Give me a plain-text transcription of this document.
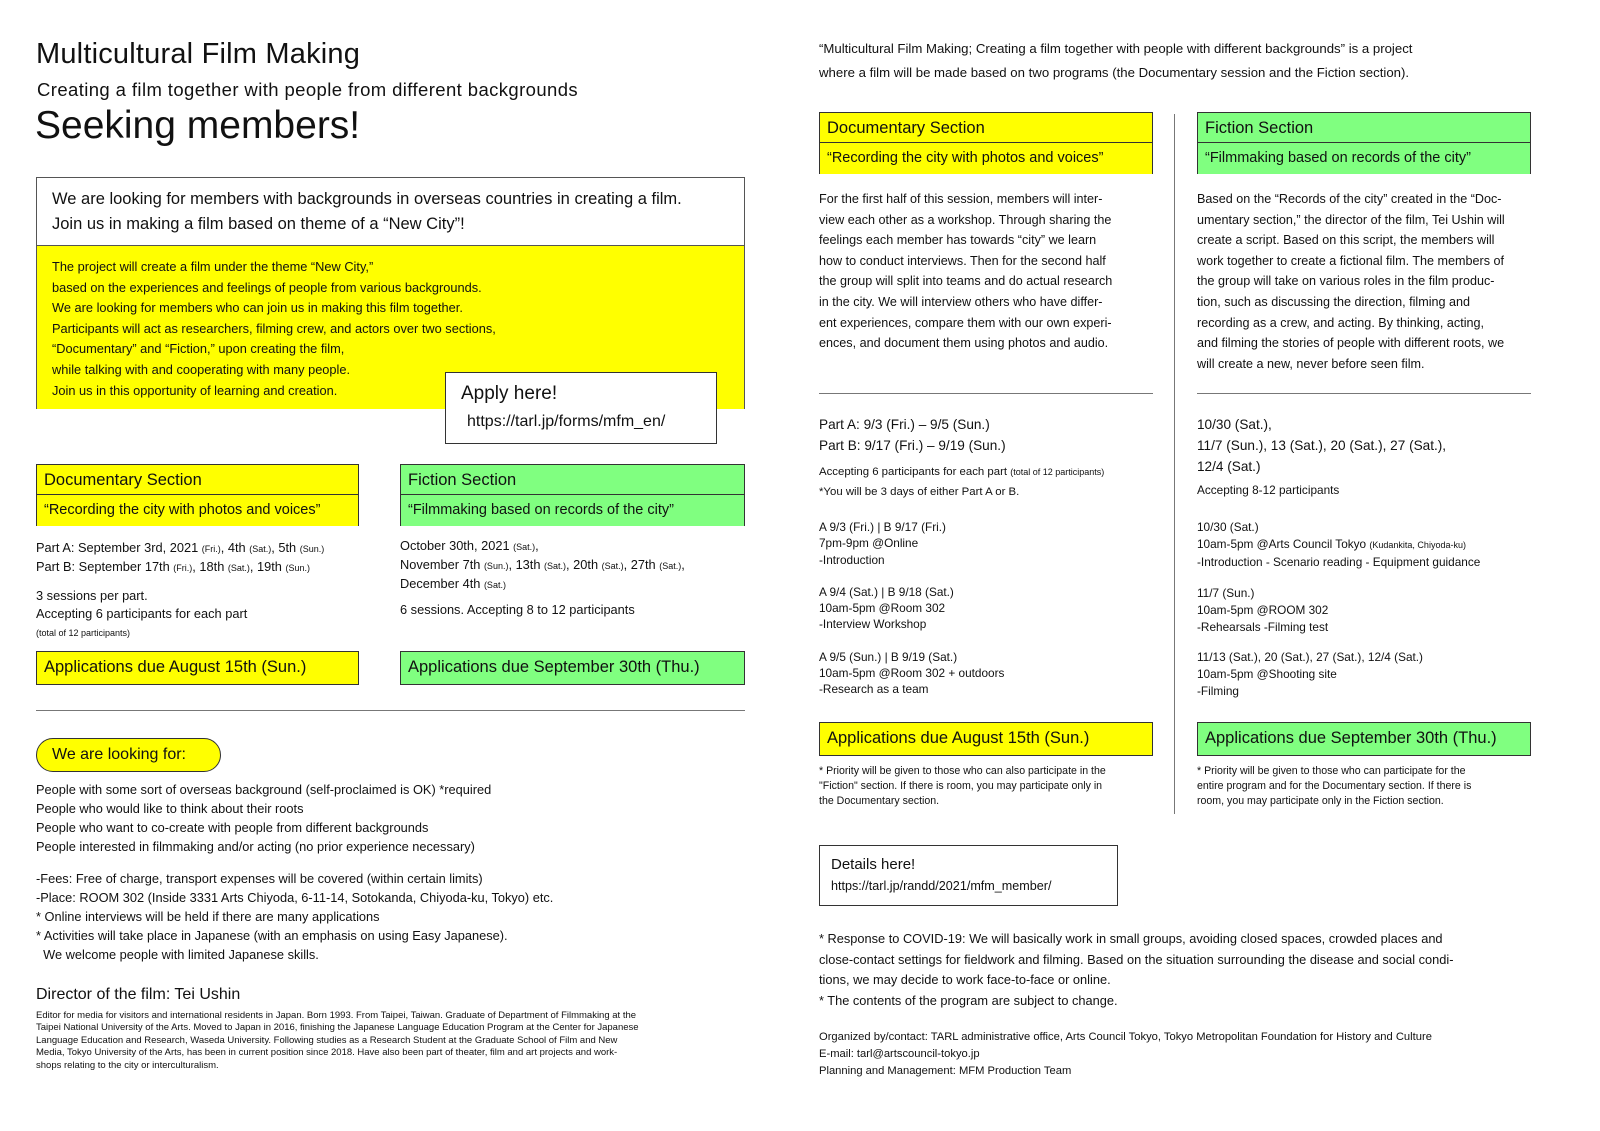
Multicultural Film Making
Creating a film together with people from different backgrounds
Seeking members!
We are looking for members with backgrounds in overseas countries in creating a film.
Join us in making a film based on theme of a “New City”!
The project will create a film under the theme “New City,”
based on the experiences and feelings of people from various backgrounds.
We are looking for members who can join us in making this film together.
Participants will act as researchers, filming crew, and actors over two sections,
“Documentary” and “Fiction,” upon creating the film,
while talking with and cooperating with many people.
Join us in this opportunity of learning and creation.	Apply here!
https://tarl.jp/forms/mfm_en/
Documentary Section
“Recording the city with photos and voices”
Fiction Section
“Filmmaking based on records of the city”
Part A: September 3rd, 2021 (Fri.), 4th (Sat.), 5th (Sun.)
Part B: September 17th (Fri.), 18th (Sat.), 19th (Sun.)
3 sessions per part.
Accepting 6 participants for each part
(total of 12 participants)
October 30th, 2021 (Sat.),
November 7th (Sun.), 13th (Sat.), 20th (Sat.), 27th (Sat.),
December 4th (Sat.)
6 sessions. Accepting 8 to 12 participants
Applications due August 15th (Sun.)	Applications due September 30th (Thu.)
We are looking for:
People with some sort of overseas background (self-proclaimed is OK) *required
People who would like to think about their roots
People who want to co-create with people from different backgrounds
People interested in filmmaking and/or acting (no prior experience necessary)
-Fees: Free of charge, transport expenses will be covered (within certain limits)
-Place: ROOM 302 (Inside 3331 Arts Chiyoda, 6-11-14, Sotokanda, Chiyoda-ku, Tokyo) etc.
* Online interviews will be held if there are many applications
* Activities will take place in Japanese (with an emphasis on using Easy Japanese).
We welcome people with limited Japanese skills.
Director of the film: Tei Ushin
Editor for media for visitors and international residents in Japan. Born 1993. From Taipei, Taiwan. Graduate of Department of Filmmaking at the
Taipei National University of the Arts. Moved to Japan in 2016, finishing the Japanese Language Education Program at the Center for Japanese
Language Education and Research, Waseda University. Following studies as a Research Student at the Graduate School of Film and New
Media, Tokyo University of the Arts, has been in current position since 2018. Have also been part of theater, film and art projects and work-
shops relating to the city or interculturalism.
“Multicultural Film Making; Creating a film together with people with different backgrounds” is a project
where a film will be made based on two programs (the Documentary session and the Fiction section).
Documentary Section
“Recording the city with photos and voices”
Fiction Section
“Filmmaking based on records of the city”
For the first half of this session, members will inter-
view each other as a workshop. Through sharing the
feelings each member has towards “city” we learn
how to conduct interviews. Then for the second half
the group will split into teams and do actual research
in the city. We will interview others who have differ-
ent experiences, compare them with our own experi-
ences, and document them using photos and audio.
Based on the “Records of the city” created in the “Doc-
umentary section,” the director of the film, Tei Ushin will
create a script. Based on this script, the members will
work together to create a fictional film. The members of
the group will take on various roles in the film produc-
tion, such as discussing the direction, filming and
recording as a crew, and acting. By thinking, acting,
and filming the stories of people with different roots, we
will create a new, never before seen film.
Part A: 9/3 (Fri.) – 9/5 (Sun.)
Part B: 9/17 (Fri.) – 9/19 (Sun.)
Accepting 6 participants for each part (total of 12 participants)
*You will be 3 days of either Part A or B.
A 9/3 (Fri.) | B 9/17 (Fri.)
7pm-9pm @Online
-Introduction
A 9/4 (Sat.) | B 9/18 (Sat.)
10am-5pm @Room 302
-Interview Workshop
A 9/5 (Sun.) | B 9/19 (Sat.)
10am-5pm @Room 302 + outdoors
-Research as a team
10/30 (Sat.),
11/7 (Sun.), 13 (Sat.), 20 (Sat.), 27 (Sat.),
12/4 (Sat.)
Accepting 8-12 participants
10/30 (Sat.)
10am-5pm @Arts Council Tokyo (Kudankita, Chiyoda-ku)
-Introduction - Scenario reading - Equipment guidance
11/7 (Sun.)
10am-5pm @ROOM 302
-Rehearsals -Filming test
11/13 (Sat.), 20 (Sat.), 27 (Sat.), 12/4 (Sat.)
10am-5pm @Shooting site
-Filming
Applications due August 15th (Sun.)	Applications due September 30th (Thu.)
* Priority will be given to those who can also participate in the
"Fiction" section. If there is room, you may participate only in
the Documentary section.
* Priority will be given to those who can participate for the
entire program and for the Documentary section. If there is
room, you may participate only in the Fiction section.
Details here!
https://tarl.jp/randd/2021/mfm_member/
* Response to COVID-19: We will basically work in small groups, avoiding closed spaces, crowded places and
close-contact settings for fieldwork and filming. Based on the situation surrounding the disease and social condi-
tions, we may decide to work face-to-face or online.
* The contents of the program are subject to change.
Organized by/contact: TARL administrative office, Arts Council Tokyo, Tokyo Metropolitan Foundation for History and Culture
E-mail: tarl@artscouncil-tokyo.jp
Planning and Management: MFM Production Team
